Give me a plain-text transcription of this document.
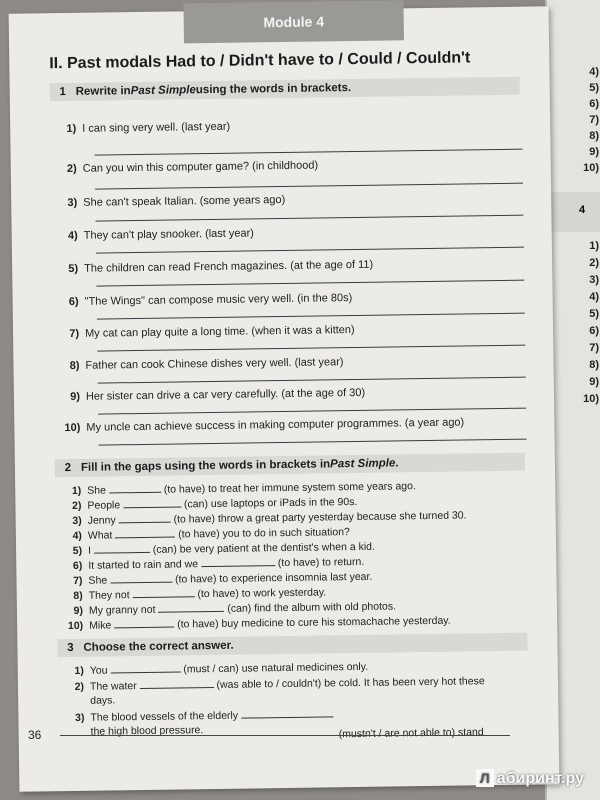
4)
5)
6)
7)
8)
9)
10)
4
1)
2)
3)
4)
5)
6)
7)
8)
9)
10)
Module 4
II. Past modals Had to / Didn't have to / Could / Couldn't
1 Rewrite in Past Simple using the words in brackets.
1) I can sing very well. (last year)
2) Can you win this computer game? (in childhood)
3) She can't speak Italian. (some years ago)
4) They can't play snooker. (last year)
5) The children can read French magazines. (at the age of 11)
6) "The Wings" can compose music very well. (in the 80s)
7) My cat can play quite a long time. (when it was a kitten)
8) Father can cook Chinese dishes very well. (last year)
9) Her sister can drive a car very carefully. (at the age of 30)
10) My uncle can achieve success in making computer programmes. (a year ago)
2 Fill in the gaps using the words in brackets in Past Simple .
1) She	(to have) to treat her immune system some years ago.
2) People	(can) use laptops or iPads in the 90s.
3) Jenny	(to have) throw a great party yesterday because she turned 30.
4) What	(to have) you to do in such situation?
5) I	(can) be very patient at the dentist's when a kid.
6) It started to rain and we	(to have) to return.
7) She	(to have) to experience insomnia last year.
8) They not	(to have) to work yesterday.
9) My granny not	(can) find the album with old photos.
10) Mike	(to have) buy medicine to cure his stomachache yesterday.
3 Choose the correct answer.
1) You	(must / can) use natural medicines only.
2) The water	(was able to / couldn't) be cold. It has been very hot these
days.
3) The blood vessels of the elderly
the high blood pressure.	(mustn't / are not able to) stand
36
Л абиринт.ру
